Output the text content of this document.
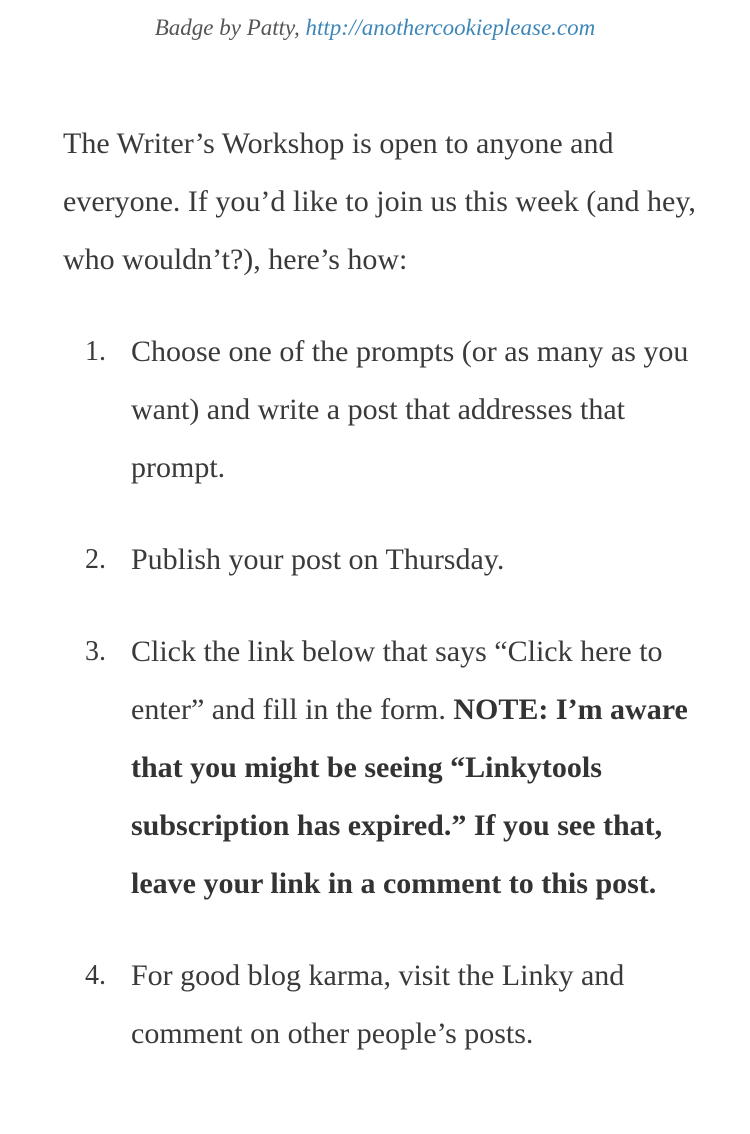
Badge by Patty, http://anothercookieplease.com

The Writer’s Workshop is open to anyone and everyone. If you’d like to join us this week (and hey, who wouldn’t?), here’s how:

1. Choose one of the prompts (or as many as you want) and write a post that addresses that prompt.
2. Publish your post on Thursday.
3. Click the link below that says “Click here to enter” and fill in the form. NOTE: I’m aware that you might be seeing “Linkytools subscription has expired.” If you see that, leave your link in a comment to this post.
4. For good blog karma, visit the Linky and comment on other people’s posts.
